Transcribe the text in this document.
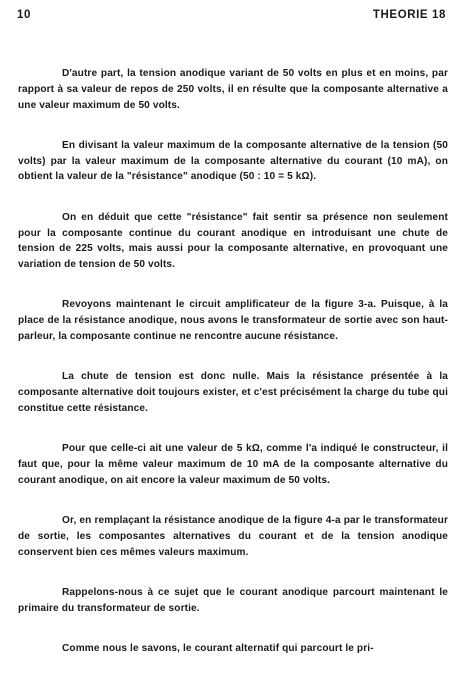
10	THEORIE 18

D'autre part, la tension anodique variant de 50 volts en plus et en moins, par rapport à sa valeur de repos de 250 volts, il en résulte que la composante alternative a une valeur maximum de 50 volts.

En divisant la valeur maximum de la composante alternative de la tension (50 volts) par la valeur maximum de la composante alternative du courant (10 mA), on obtient la valeur de la "résistance" anodique (50 : 10 = 5 kΩ).

On en déduit que cette "résistance" fait sentir sa présence non seulement pour la composante continue du courant anodique en introduisant une chute de tension de 225 volts, mais aussi pour la composante alternative, en provoquant une variation de tension de 50 volts.

Revoyons maintenant le circuit amplificateur de la figure 3-a. Puisque, à la place de la résistance anodique, nous avons le transformateur de sortie avec son haut-parleur, la composante continue ne rencontre aucune résistance.

La chute de tension est donc nulle. Mais la résistance présentée à la composante alternative doit toujours exister, et c'est précisément la charge du tube qui constitue cette résistance.

Pour que celle-ci ait une valeur de 5 kΩ, comme l'a indiqué le constructeur, il faut que, pour la même valeur maximum de 10 mA de la composante alternative du courant anodique, on ait encore la valeur maximum de 50 volts.

Or, en remplaçant la résistance anodique de la figure 4-a par le transformateur de sortie, les composantes alternatives du courant et de la tension anodique conservent bien ces mêmes valeurs maximum.

Rappelons-nous à ce sujet que le courant anodique parcourt maintenant le primaire du transformateur de sortie.

Comme nous le savons, le courant alternatif qui parcourt le pri-
